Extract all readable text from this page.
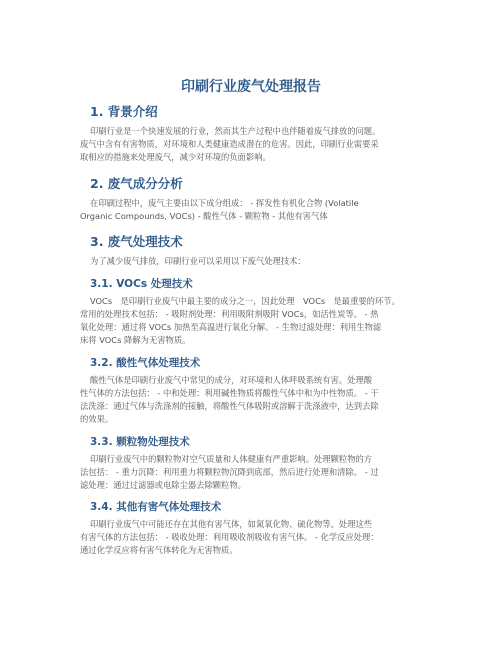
印刷行业废气处理报告
1. 背景介绍
印刷行业是一个快速发展的行业，然而其生产过程中也伴随着废气排放的问题。
废气中含有有害物质，对环境和人类健康造成潜在的危害。因此，印刷行业需要采
取相应的措施来处理废气，减少对环境的负面影响。
2. 废气成分分析
在印刷过程中，废气主要由以下成分组成： - 挥发性有机化合物 (Volatile
Organic Compounds, VOCs) - 酸性气体 - 颗粒物 - 其他有害气体
3. 废气处理技术
为了减少废气排放，印刷行业可以采用以下废气处理技术：
3.1. VOCs 处理技术
VOCs　是印刷行业废气中最主要的成分之一，因此处理　VOCs　是最重要的环节。
常用的处理技术包括： - 吸附剂处理：利用吸附剂吸附 VOCs，如活性炭等。 - 热
氧化处理：通过将 VOCs 加热至高温进行氧化分解。 - 生物过滤处理：利用生物滤
床将 VOCs 降解为无害物质。
3.2. 酸性气体处理技术
酸性气体是印刷行业废气中常见的成分，对环境和人体呼吸系统有害。处理酸
性气体的方法包括： - 中和处理：利用碱性物质将酸性气体中和为中性物质。 - 干
法洗涤：通过气体与洗涤剂的接触，将酸性气体吸附或溶解于洗涤液中，达到去除
的效果。
3.3. 颗粒物处理技术
印刷行业废气中的颗粒物对空气质量和人体健康有严重影响。处理颗粒物的方
法包括： - 重力沉降：利用重力将颗粒物沉降到底部，然后进行处理和清除。 - 过
滤处理：通过过滤器或电除尘器去除颗粒物。
3.4. 其他有害气体处理技术
印刷行业废气中可能还存在其他有害气体，如氮氧化物、硫化物等。处理这些
有害气体的方法包括： - 吸收处理：利用吸收剂吸收有害气体。 - 化学反应处理：
通过化学反应将有害气体转化为无害物质。
